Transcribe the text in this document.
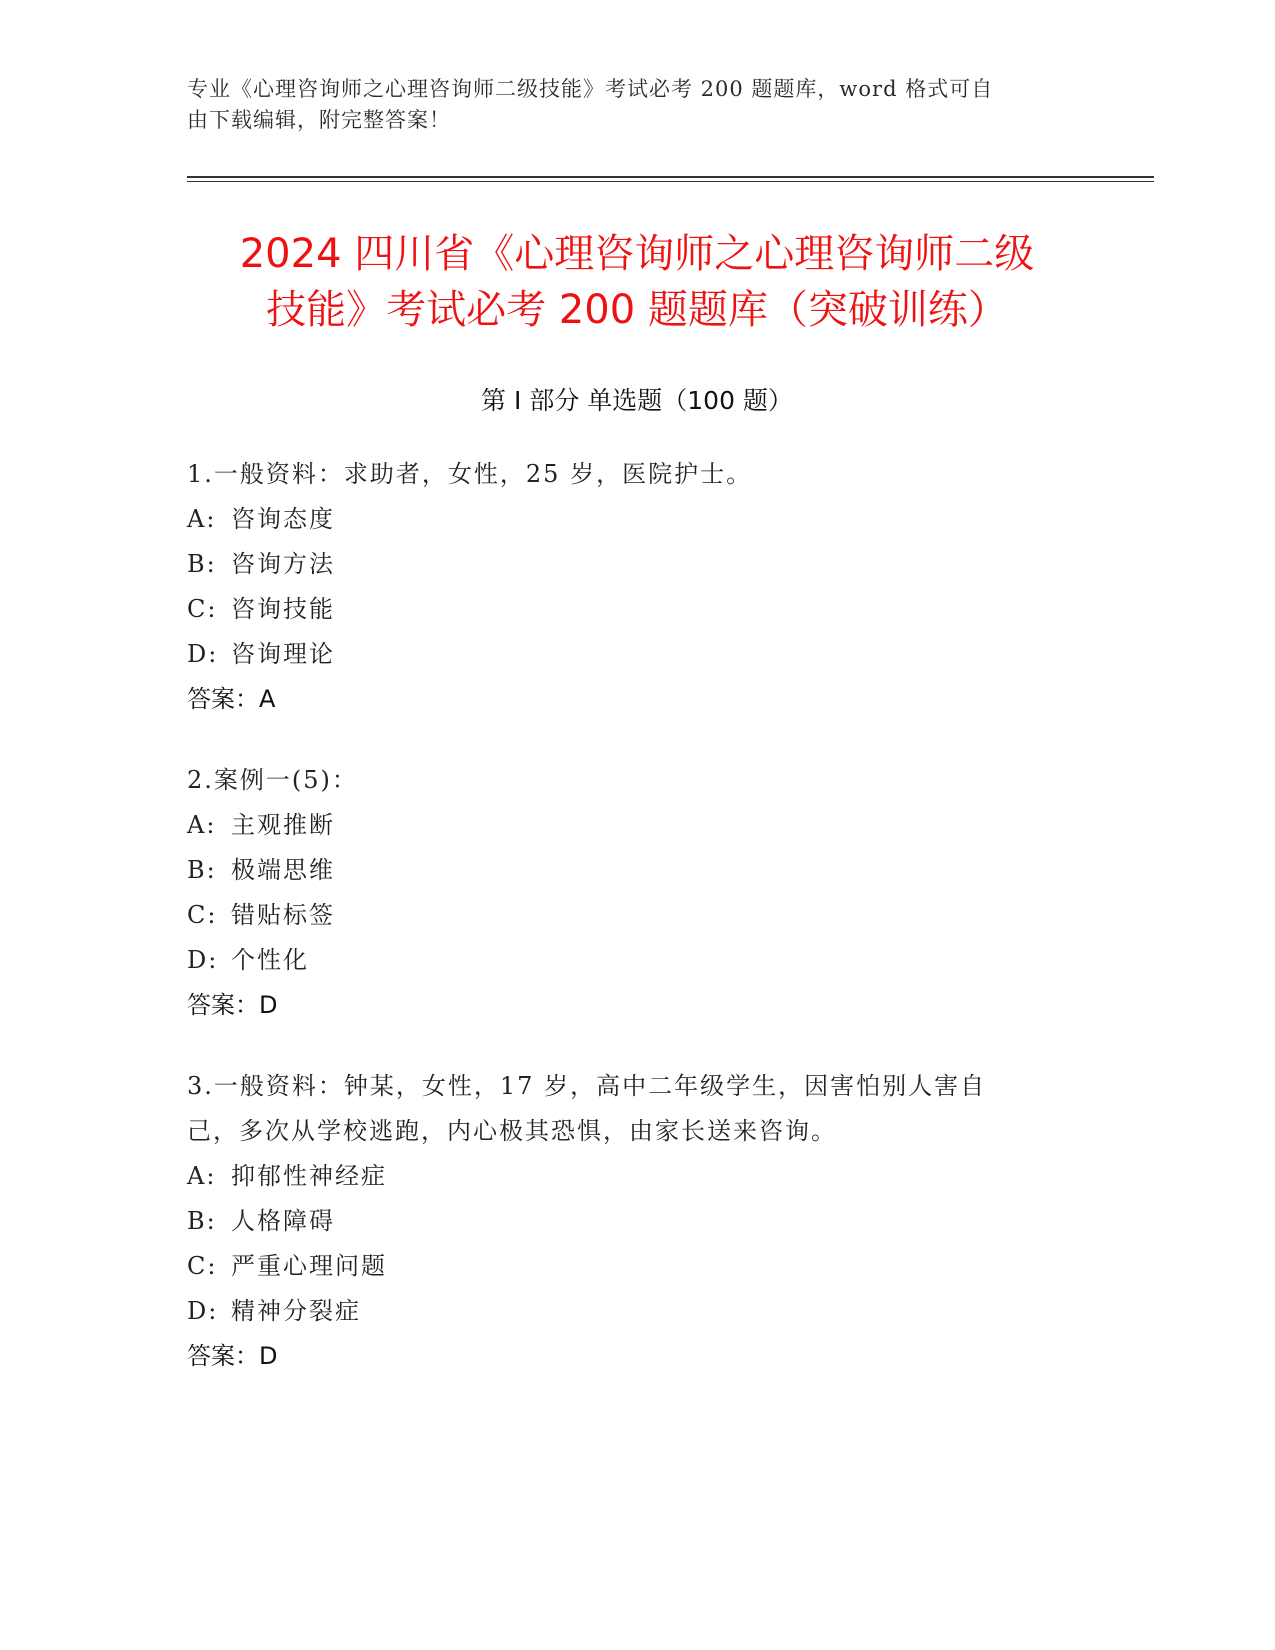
专业《心理咨询师之心理咨询师二级技能》考试必考 200 题题库，word 格式可自
由下载编辑，附完整答案！
2024 四川省《心理咨询师之心理咨询师二级
技能》考试必考 200 题题库（突破训练）
第 I 部分 单选题（100 题）

1.一般资料：求助者，女性，25 岁，医院护士。

A: 咨询态度
B: 咨询方法
C: 咨询技能
D: 咨询理论

答案：A

2.案例一(5)：

A: 主观推断
B: 极端思维
C: 错贴标签
D: 个性化

答案：D

3.一般资料：钟某，女性，17 岁，高中二年级学生，因害怕别人害自

己，多次从学校逃跑，内心极其恐惧，由家长送来咨询。

A: 抑郁性神经症
B: 人格障碍
C: 严重心理问题
D: 精神分裂症

答案：D
